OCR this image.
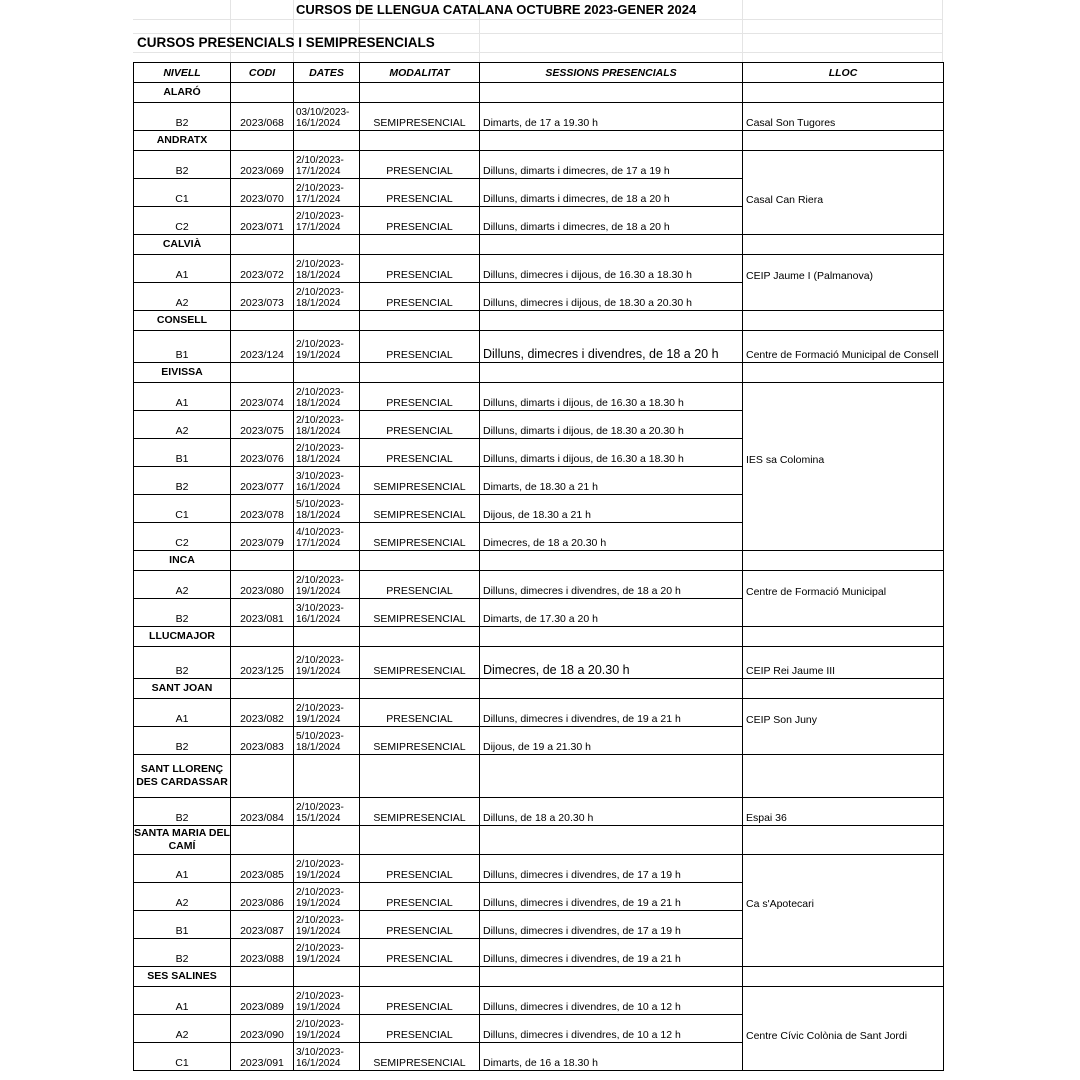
CURSOS DE LLENGUA CATALANA OCTUBRE 2023-GENER 2024
CURSOS PRESENCIALS I SEMIPRESENCIALS
NIVELL	CODI	DATES	MODALITAT	SESSIONS PRESENCIALS	LLOC
ALARÓ					
B2	2023/068	03/10/2023-16/1/2024	SEMIPRESENCIAL	Dimarts, de 17 a 19.30 h	Casal Son Tugores
ANDRATX					
B2	2023/069	2/10/2023-17/1/2024	PRESENCIAL	Dilluns, dimarts i dimecres, de 17 a 19 h	
C1	2023/070	2/10/2023-17/1/2024	PRESENCIAL	Dilluns, dimarts i dimecres, de 18 a 20 h	Casal Can Riera
C2	2023/071	2/10/2023-17/1/2024	PRESENCIAL	Dilluns, dimarts i dimecres, de 18 a 20 h	
CALVIÀ					
A1	2023/072	2/10/2023-18/1/2024	PRESENCIAL	Dilluns, dimecres i dijous, de 16.30 a 18.30 h	CEIP Jaume I (Palmanova)
A2	2023/073	2/10/2023-18/1/2024	PRESENCIAL	Dilluns, dimecres i dijous, de 18.30 a 20.30 h	
CONSELL					
B1	2023/124	2/10/2023-19/1/2024	PRESENCIAL	Dilluns, dimecres i divendres, de 18 a 20 h	Centre de Formació Municipal de Consell
EIVISSA					
A1	2023/074	2/10/2023-18/1/2024	PRESENCIAL	Dilluns, dimarts i dijous, de 16.30 a 18.30 h	
A2	2023/075	2/10/2023-18/1/2024	PRESENCIAL	Dilluns, dimarts i dijous, de 18.30 a 20.30 h	
B1	2023/076	2/10/2023-18/1/2024	PRESENCIAL	Dilluns, dimarts i dijous, de 16.30 a 18.30 h	IES sa Colomina
B2	2023/077	3/10/2023-16/1/2024	SEMIPRESENCIAL	Dimarts, de 18.30 a 21 h	
C1	2023/078	5/10/2023-18/1/2024	SEMIPRESENCIAL	Dijous, de 18.30 a 21 h	
C2	2023/079	4/10/2023-17/1/2024	SEMIPRESENCIAL	Dimecres, de 18 a 20.30 h	
INCA					
A2	2023/080	2/10/2023-19/1/2024	PRESENCIAL	Dilluns, dimecres i divendres, de 18 a 20 h	Centre de Formació Municipal
B2	2023/081	3/10/2023-16/1/2024	SEMIPRESENCIAL	Dimarts, de 17.30 a 20 h	
LLUCMAJOR					
B2	2023/125	2/10/2023-19/1/2024	SEMIPRESENCIAL	Dimecres, de 18 a 20.30 h	CEIP Rei Jaume III
SANT JOAN					
A1	2023/082	2/10/2023-19/1/2024	PRESENCIAL	Dilluns, dimecres i divendres, de 19 a 21 h	CEIP Son Juny
B2	2023/083	5/10/2023-18/1/2024	SEMIPRESENCIAL	Dijous, de 19 a 21.30 h	
SANT LLORENÇ DES CARDASSAR					
B2	2023/084	2/10/2023-15/1/2024	SEMIPRESENCIAL	Dilluns, de 18 a 20.30 h	Espai 36
SANTA MARIA DEL CAMÍ					
A1	2023/085	2/10/2023-19/1/2024	PRESENCIAL	Dilluns, dimecres i divendres, de 17 a 19 h	
A2	2023/086	2/10/2023-19/1/2024	PRESENCIAL	Dilluns, dimecres i divendres, de 19 a 21 h	Ca s'Apotecari
B1	2023/087	2/10/2023-19/1/2024	PRESENCIAL	Dilluns, dimecres i divendres, de 17 a 19 h	
B2	2023/088	2/10/2023-19/1/2024	PRESENCIAL	Dilluns, dimecres i divendres, de 19 a 21 h	
SES SALINES					
A1	2023/089	2/10/2023-19/1/2024	PRESENCIAL	Dilluns, dimecres i divendres, de 10 a 12 h	
A2	2023/090	2/10/2023-19/1/2024	PRESENCIAL	Dilluns, dimecres i divendres, de 10 a 12 h	Centre Cívic Colònia de Sant Jordi
C1	2023/091	3/10/2023-16/1/2024	SEMIPRESENCIAL	Dimarts, de 16 a 18.30 h	
